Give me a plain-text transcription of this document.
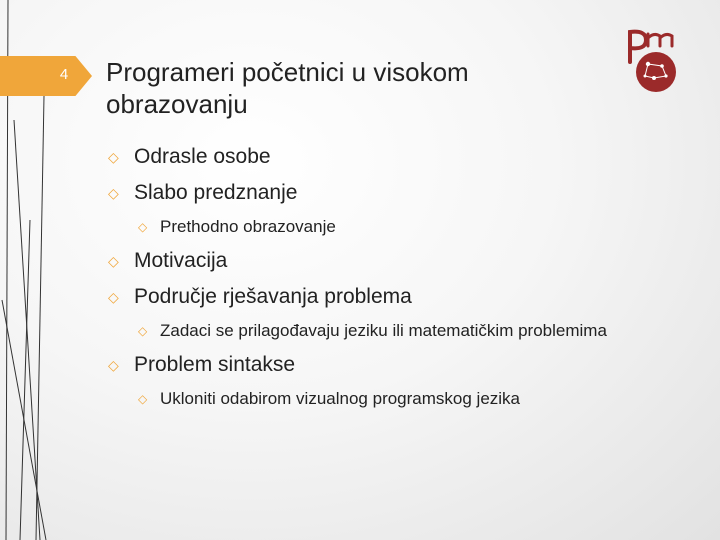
4	Programeri početnici u visokom obrazovanju
◇ Odrasle osobe
◇ Slabo predznanje
◇ Prethodno obrazovanje
◇ Motivacija
◇ Područje rješavanja problema
◇ Zadaci se prilagođavaju jeziku ili matematičkim problemima
◇ Problem sintakse
◇ Ukloniti odabirom vizualnog programskog jezika
